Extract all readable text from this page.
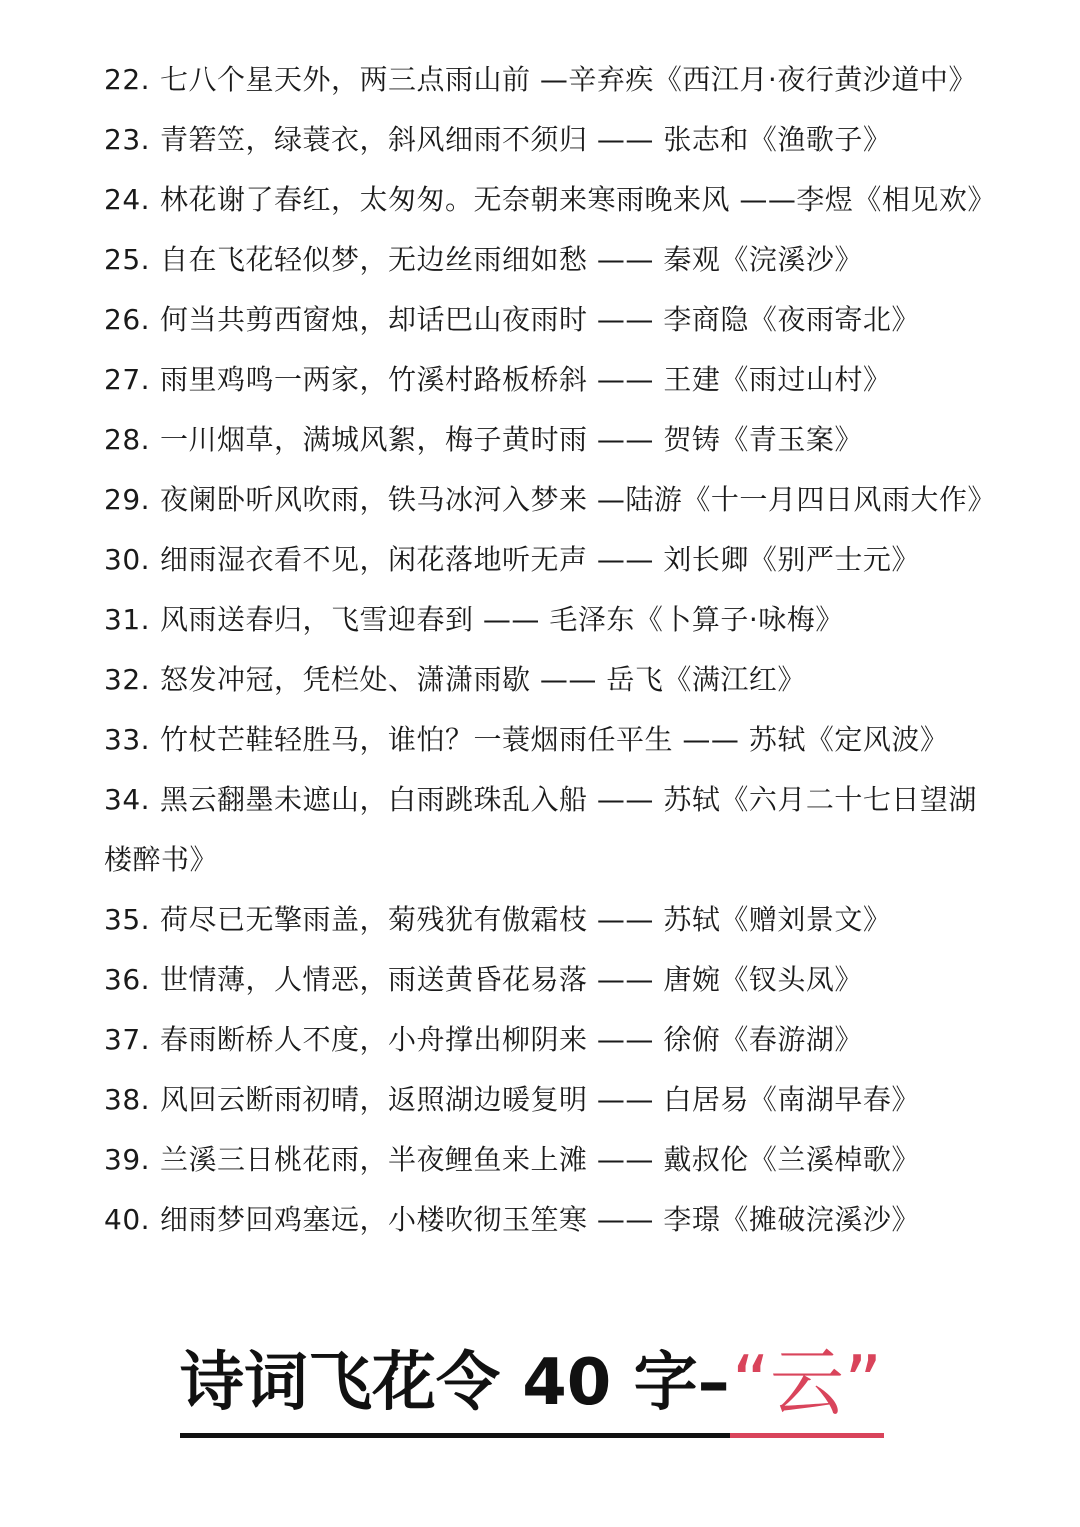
22. 七八个星天外，两三点雨山前 —辛弃疾《西江月·夜行黄沙道中》
23. 青箬笠，绿蓑衣，斜风细雨不须归 —— 张志和《渔歌子》
24. 林花谢了春红，太匆匆。无奈朝来寒雨晚来风 ——李煜《相见欢》
25. 自在飞花轻似梦，无边丝雨细如愁 —— 秦观《浣溪沙》
26. 何当共剪西窗烛，却话巴山夜雨时 —— 李商隐《夜雨寄北》
27. 雨里鸡鸣一两家，竹溪村路板桥斜 —— 王建《雨过山村》
28. 一川烟草，满城风絮，梅子黄时雨 —— 贺铸《青玉案》
29. 夜阑卧听风吹雨，铁马冰河入梦来 —陆游《十一月四日风雨大作》
30. 细雨湿衣看不见，闲花落地听无声 —— 刘长卿《别严士元》
31. 风雨送春归，飞雪迎春到 —— 毛泽东《卜算子·咏梅》
32. 怒发冲冠，凭栏处、潇潇雨歇 —— 岳飞《满江红》
33. 竹杖芒鞋轻胜马，谁怕？一蓑烟雨任平生 —— 苏轼《定风波》
34. 黑云翻墨未遮山，白雨跳珠乱入船 —— 苏轼《六月二十七日望湖楼醉书》
35. 荷尽已无擎雨盖，菊残犹有傲霜枝 —— 苏轼《赠刘景文》
36. 世情薄，人情恶，雨送黄昏花易落 —— 唐婉《钗头凤》
37. 春雨断桥人不度，小舟撑出柳阴来 —— 徐俯《春游湖》
38. 风回云断雨初晴，返照湖边暖复明 —— 白居易《南湖早春》
39. 兰溪三日桃花雨，半夜鲤鱼来上滩 —— 戴叔伦《兰溪棹歌》
40. 细雨梦回鸡塞远，小楼吹彻玉笙寒 —— 李璟《摊破浣溪沙》
诗词飞花令 40 字– “云”
